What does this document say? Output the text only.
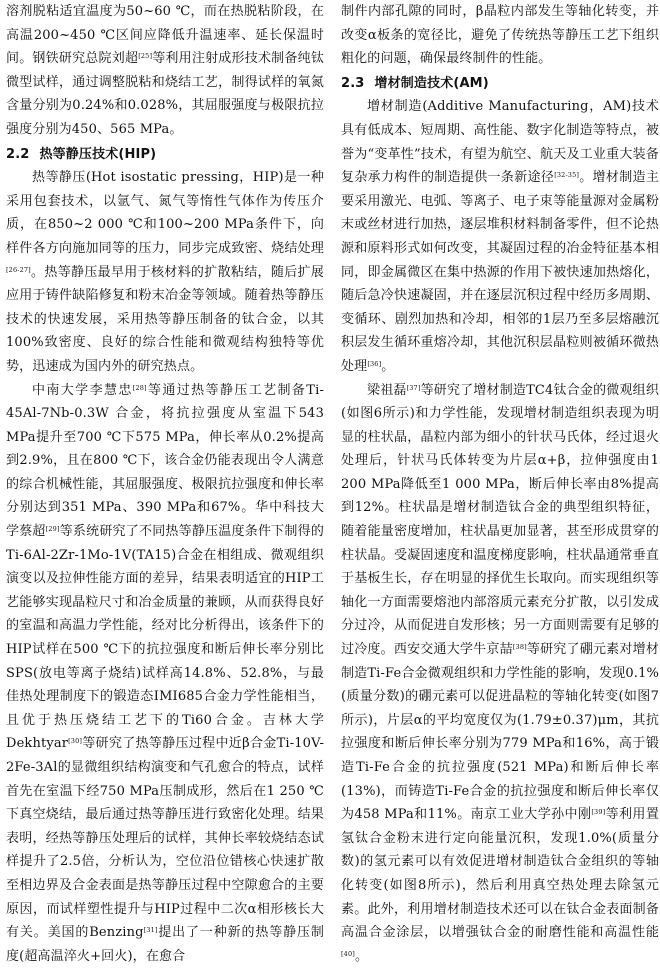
溶剂脱粘适宜温度为50~60 ℃，而在热脱粘阶段，在高温200~450 ℃区间应降低升温速率、延长保温时间。钢铁研究总院刘超[25]等利用注射成形技术制备纯钛微型试样，通过调整脱粘和烧结工艺，制得试样的氧氮含量分别为0.24%和0.028%，其屈服强度与极限抗拉强度分别为450、565 MPa。

2.2 热等静压技术(HIP)

热等静压(Hot isostatic pressing，HIP)是一种采用包套技术，以氩气、氮气等惰性气体作为传压介质，在850~2 000 ℃和100~200 MPa条件下，向样件各方向施加同等的压力，同步完成致密、烧结处理[26-27]。热等静压最早用于核材料的扩散粘结，随后扩展应用于铸件缺陷修复和粉末冶金等领域。随着热等静压技术的快速发展，采用热等静压制备的钛合金，以其100%致密度、良好的综合性能和微观结构独特等优势，迅速成为国内外的研究热点。

中南大学李慧忠[28]等通过热等静压工艺制备Ti-45Al-7Nb-0.3W 合金，将抗拉强度从室温下543 MPa提升至700 ℃下575 MPa，伸长率从0.2%提高到2.9%，且在800 ℃下，该合金仍能表现出令人满意的综合机械性能，其屈服强度、极限抗拉强度和伸长率分别达到351 MPa、390 MPa和67%。华中科技大学蔡超[29]等系统研究了不同热等静压温度条件下制得的Ti-6Al-2Zr-1Mo-1V(TA15)合金在相组成、微观组织演变以及拉伸性能方面的差异，结果表明适宜的HIP工艺能够实现晶粒尺寸和冶金质量的兼顾，从而获得良好的室温和高温力学性能，经对比分析得出，该条件下的HIP试样在500 ℃下的抗拉强度和断后伸长率分别比SPS(放电等离子烧结)试样高14.8%、52.8%，与最佳热处理制度下的锻造态IMI685合金力学性能相当，且优于热压烧结工艺下的Ti60合金。吉林大学Dekhtyar[30]等研究了热等静压过程中近β合金Ti-10V-2Fe-3Al的显微组织结构演变和气孔愈合的特点，试样首先在室温下经750 MPa压制成形，然后在1 250 ℃下真空烧结，最后通过热等静压进行致密化处理。结果表明，经热等静压处理后的试样，其伸长率较烧结态试样提升了2.5倍，分析认为，空位沿位错核心快速扩散至相边界及合金表面是热等静压过程中空隙愈合的主要原因，而试样塑性提升与HIP过程中二次α相形核长大有关。美国的Benzing[31]提出了一种新的热等静压制度(超高温淬火+回火)，在愈合

制件内部孔隙的同时，β晶粒内部发生等轴化转变，并改变α板条的宽径比，避免了传统热等静压工艺下组织粗化的问题，确保最终制件的性能。

2.3 增材制造技术(AM)

增材制造(Additive Manufacturing，AM)技术具有低成本、短周期、高性能、数字化制造等特点，被誉为“变革性”技术，有望为航空、航天及工业重大装备复杂承力构件的制造提供一条新途径[32-35]。增材制造主要采用激光、电弧、等离子、电子束等能量源对金属粉末或丝材进行加热，逐层堆积材料制备零件，但不论热源和原料形式如何改变，其凝固过程的冶金特征基本相同，即金属微区在集中热源的作用下被快速加热熔化，随后急冷快速凝固，并在逐层沉积过程中经历多周期、变循环、剧烈加热和冷却，相邻的1层乃至多层熔融沉积层发生循环重熔冷却，其他沉积层晶粒则被循环微热处理[36]。

梁祖磊[37]等研究了增材制造TC4钛合金的微观组织(如图6所示)和力学性能，发现增材制造组织表现为明显的柱状晶，晶粒内部为细小的针状马氏体，经过退火处理后，针状马氏体转变为片层α+β，拉伸强度由1 200 MPa降低至1 000 MPa，断后伸长率由8%提高到12%。柱状晶是增材制造钛合金的典型组织特征，随着能量密度增加，柱状晶更加显著，甚至形成贯穿的柱状晶。受凝固速度和温度梯度影响，柱状晶通常垂直于基板生长，存在明显的择优生长取向。而实现组织等轴化一方面需要熔池内部溶质元素充分扩散，以引发成分过冷，从而促进自发形核；另一方面则需要有足够的过冷度。西安交通大学牛京喆[38]等研究了硼元素对增材制造Ti-Fe合金微观组织和力学性能的影响，发现0.1%(质量分数)的硼元素可以促进晶粒的等轴化转变(如图7所示)，片层α的平均宽度仅为(1.79±0.37)μm，其抗拉强度和断后伸长率分别为779 MPa和16%，高于锻造Ti-Fe合金的抗拉强度(521 MPa)和断后伸长率(13%)，而铸造Ti-Fe合金的抗拉强度和断后伸长率仅为458 MPa和11%。南京工业大学孙中刚[39]等利用置氢钛合金粉末进行定向能量沉积，发现1.0%(质量分数)的氢元素可以有效促进增材制造钛合金组织的等轴化转变(如图8所示)，然后利用真空热处理去除氢元素。此外，利用增材制造技术还可以在钛合金表面制备高温合金涂层，以增强钛合金的耐磨性能和高温性能[40]。
